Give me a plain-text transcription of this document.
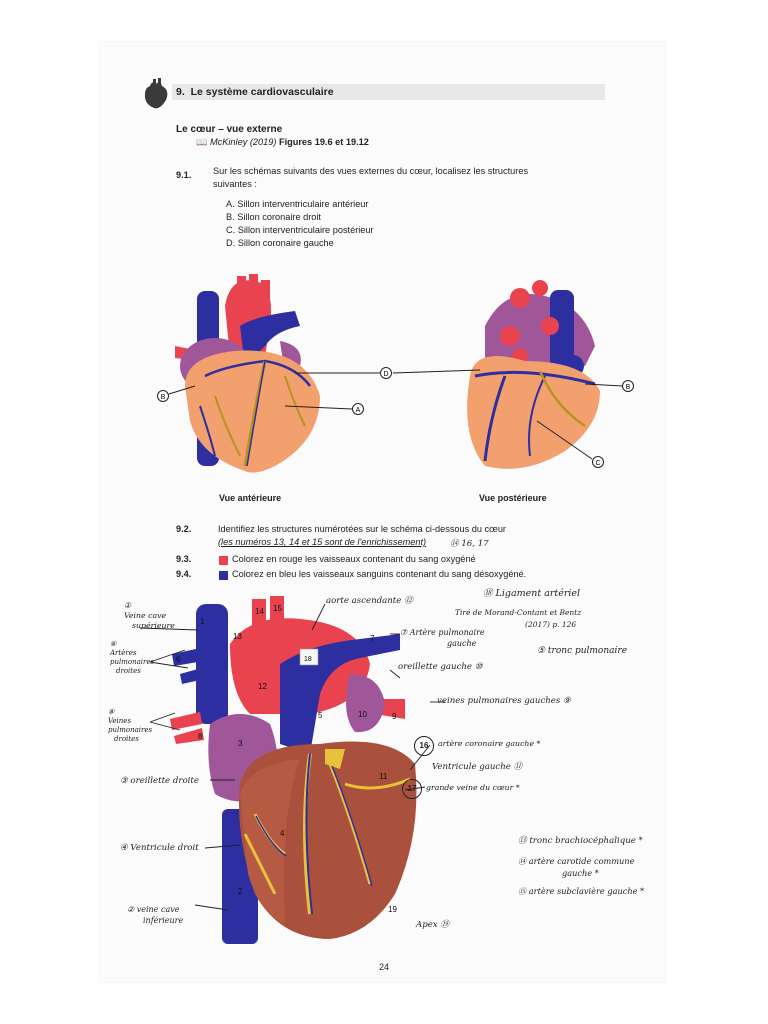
9. Le système cardiovasculaire
Le cœur – vue externe
📖 McKinley (2019) Figures 19.6 et 19.12
9.1. Sur les schémas suivants des vues externes du cœur, localisez les structures
suivantes :
A. Sillon interventriculaire antérieur
B. Sillon coronaire droit
C. Sillon interventriculaire postérieur
D. Sillon coronaire gauche
D
B
A
B
C
Vue antérieure	Vue postérieure
9.2.	Identifiez les structures numérotées sur le schéma ci-dessous du cœur
(les numéros 13, 14 et 15 sont de l'enrichissement)	⑭ 16, 17
9.3.	Colorez en rouge les vaisseaux contenant du sang oxygéné
9.4.	Colorez en bleu les vaisseaux sanguins contenant du sang désoxygéné.
13
14 15
18
7
6
12
5	10	9
8
3
11
4
2
19
1
⑱ Ligament artériel
Tiré de Morand-Contant et Bentz
(2017) p. 126
aorte ascendante ⑫
⑦ Artère pulmonaire
gauche
⑤ tronc pulmonaire
oreillette gauche ⑩
veines pulmonaires gauches ⑨
16	artère coronaire gauche *
Ventricule gauche ⑪
17	grande veine du cœur *
①
Veine cave
supérieure
⑥
Artères
pulmonaires
droites
⑧
Veines
pulmonaires
droites
③ oreillette droite
④ Ventricule droit
② veine cave
inférieure
⑬ tronc brachiocéphalique *
⑭ artère carotide commune
gauche *
⑮ artère subclavière gauche *
Apex ⑲
24
